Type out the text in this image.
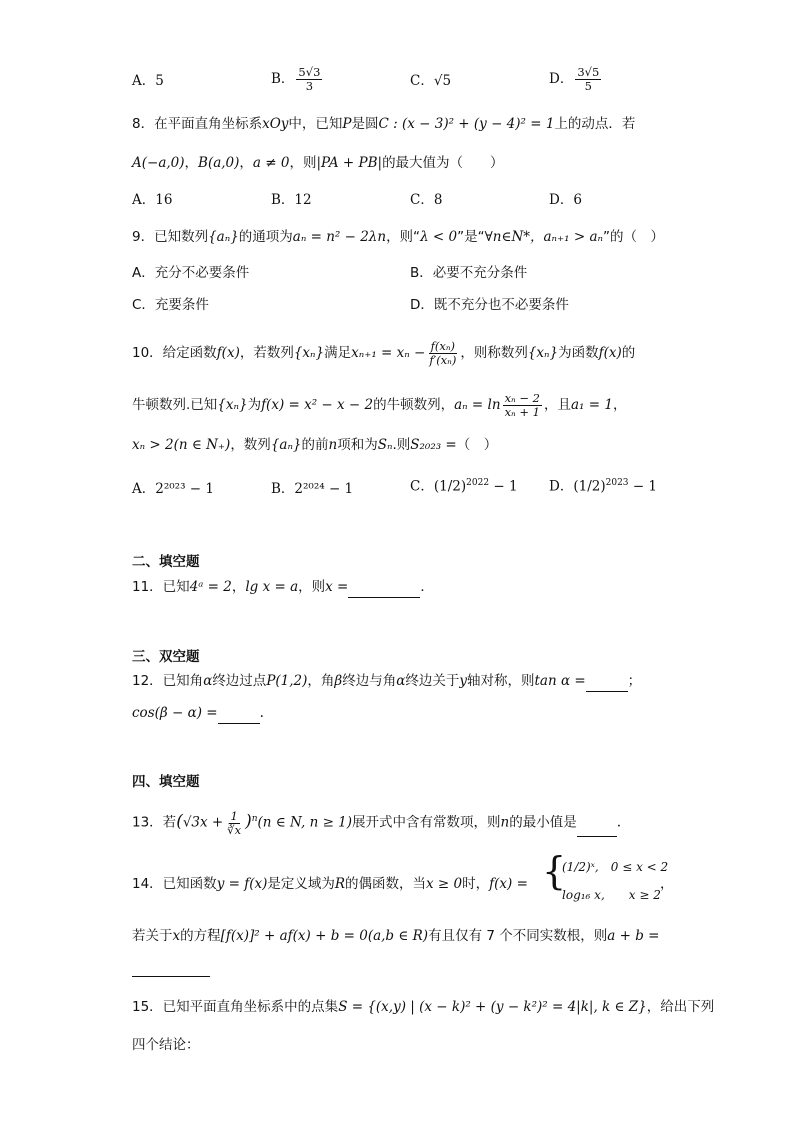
A．5	B． $\frac{5√3}{3}$	C．√5	D． $\frac{3√5}{5}$
8．在平面直角坐标系xOy中，已知P是圆C : (x − 3)² + (y − 4)² = 1上的动点．若
A(−a,0)，B(a,0)，a ≠ 0，则|PA + PB|的最大值为（　　）
A．16	B．12	C．8	D．6
9．已知数列{aₙ}的通项为aₙ = n² − 2λn，则“λ < 0”是“∀n∈N*，aₙ₊₁ > aₙ”的（　）
A．充分不必要条件	B．必要不充分条件
C．充要条件	D．既不充分也不必要条件
10．给定函数f(x)，若数列{xₙ}满足$x_{n+1} = x_n - \frac{\text{f(xₙ)}}{\text{f′(xₙ)}}$ ，则称数列{xₙ}为函数f(x)的
牛顿数列.已知{xₙ}为f(x) = x² − x − 2的牛顿数列，$a_n = \ln \frac{\text{xₙ − 2}}{\text{xₙ + 1}}$ ，且a₁ = 1，
xₙ > 2(n ∈ N₊)，数列{aₙ}的前n项和为Sₙ.则S₂₀₂₃ =（　）
A．2²⁰²³ − 1	B．2²⁰²⁴ − 1	C．$(1/2)^{2022} - 1$ D．$(1/2)^{2023} - 1$
二、填空题
11．已知4ᵃ = 2，lg x = a，则x =	．
三、双空题
12．已知角α终边过点P(1,2)，角β终边与角α终边关于y轴对称，则tan α =	；
cos(β − α) =	.
四、填空题
13．若$(√3x + \frac{1}{∛x} )^n(n$ ∈ N, n ≥ 1)展开式中含有常数项，则n的最小值是	.
14．已知函数y = f(x)是定义域为R的偶函数，当x ≥ 0时，f(x) = {
(1/2)ˣ,　0 ≤ x < 2
log₁₆ x,　　x ≥ 2
，
若关于x的方程[f(x)]² + af(x) + b = 0(a,b ∈ R)有且仅有 7 个不同实数根，则a + b =
15．已知平面直角坐标系中的点集S = {(x,y) | (x − k)² + (y − k²)² = 4|k|, k ∈ Z}，给出下列
四个结论：
